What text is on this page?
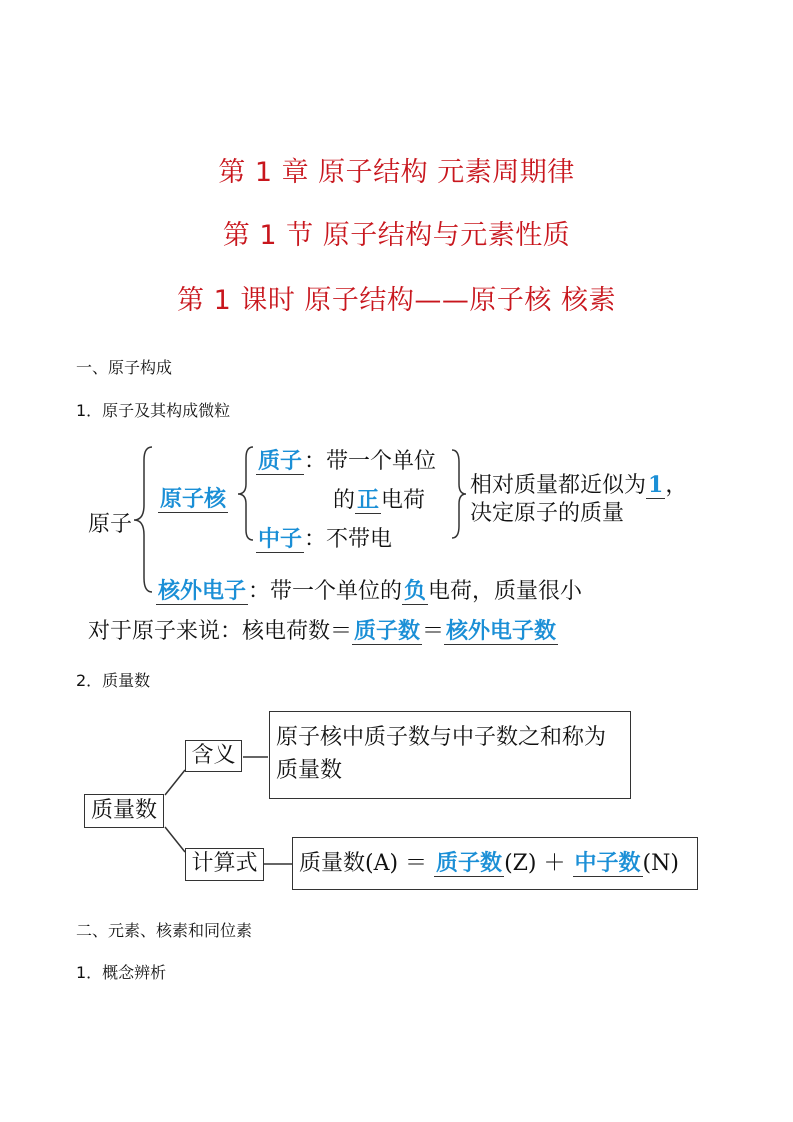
第 1 章 原子结构 元素周期律
第 1 节 原子结构与元素性质
第 1 课时 原子结构——原子核 核素
一、原子构成
1．原子及其构成微粒
原子
原子核
质子：带一个单位
的正电荷
中子：不带电
相对质量都近似为1，
决定原子的质量
核外电子：带一个单位的负电荷，质量很小
对于原子来说：核电荷数＝质子数＝核外电子数
2．质量数
质量数
含义
原子核中质子数与中子数之和称为
质量数
计算式	质量数(A) ＝ 质子数(Z) ＋ 中子数(N)
二、元素、核素和同位素
1．概念辨析
